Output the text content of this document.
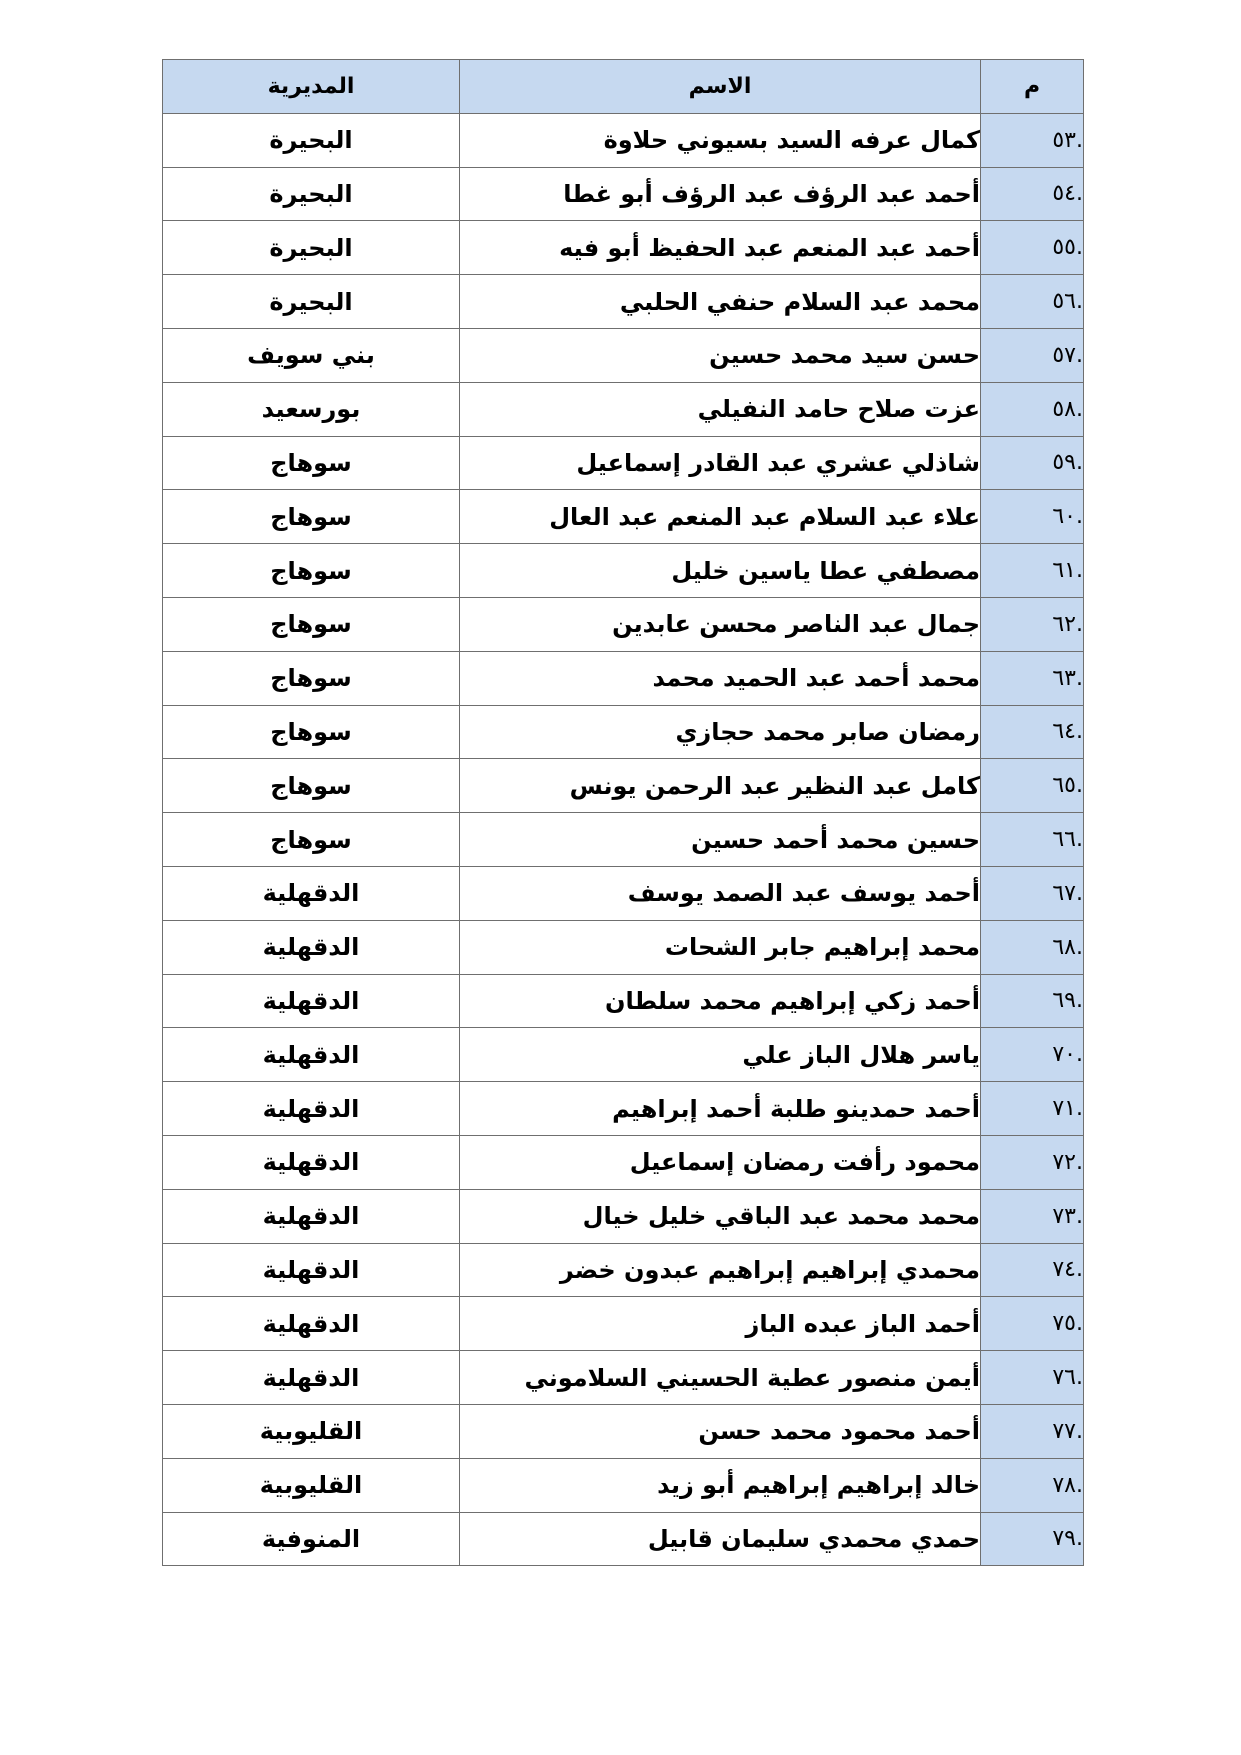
م	الاسم	المديرية
.٥٣	كمال عرفه السيد بسيوني حلاوة	البحيرة
.٥٤	أحمد عبد الرؤف عبد الرؤف أبو غطا	البحيرة
.٥٥	أحمد عبد المنعم عبد الحفيظ أبو فيه	البحيرة
.٥٦	محمد عبد السلام حنفي الحلبي	البحيرة
.٥٧	حسن سيد محمد حسين	بني سويف
.٥٨	عزت صلاح حامد النفيلي	بورسعيد
.٥٩	شاذلي عشري عبد القادر إسماعيل	سوهاج
.٦٠	علاء عبد السلام عبد المنعم عبد العال	سوهاج
.٦١	مصطفي عطا ياسين خليل	سوهاج
.٦٢	جمال عبد الناصر محسن عابدين	سوهاج
.٦٣	محمد أحمد عبد الحميد محمد	سوهاج
.٦٤	رمضان صابر محمد حجازي	سوهاج
.٦٥	كامل عبد النظير عبد الرحمن يونس	سوهاج
.٦٦	حسين محمد أحمد حسين	سوهاج
.٦٧	أحمد يوسف عبد الصمد يوسف	الدقهلية
.٦٨	محمد إبراهيم جابر الشحات	الدقهلية
.٦٩	أحمد زكي إبراهيم محمد سلطان	الدقهلية
.٧٠	ياسر هلال الباز علي	الدقهلية
.٧١	أحمد حمدينو طلبة أحمد إبراهيم	الدقهلية
.٧٢	محمود رأفت رمضان إسماعيل	الدقهلية
.٧٣	محمد محمد عبد الباقي خليل خيال	الدقهلية
.٧٤	محمدي إبراهيم إبراهيم عبدون خضر	الدقهلية
.٧٥	أحمد الباز عبده الباز	الدقهلية
.٧٦	أيمن منصور عطية الحسيني السلاموني	الدقهلية
.٧٧	أحمد محمود محمد حسن	القليوبية
.٧٨	خالد إبراهيم إبراهيم أبو زيد	القليوبية
.٧٩	حمدي محمدي سليمان قابيل	المنوفية
